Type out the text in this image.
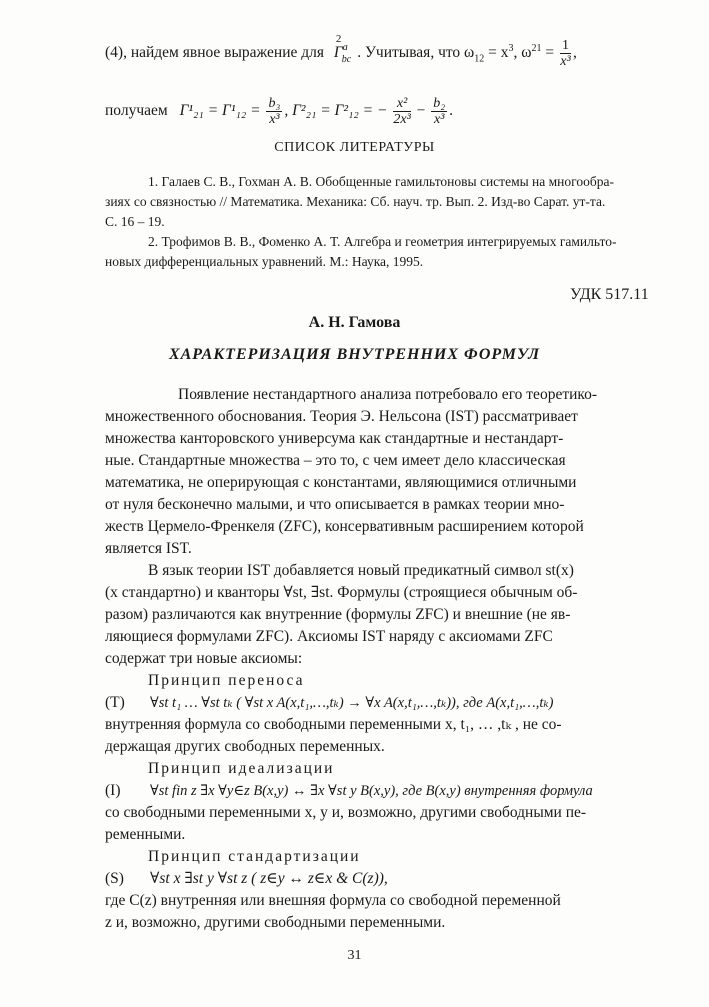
(4), найдем явное выражение для
2
$\Gamma^a_{bc}$ . Учитывая, что $\omega_{12} = x^3$, $\omega^{21} = \frac{1}{\text{x³}}$ ,
получаем $\Gamma^1_{21} = \Gamma^1_{12} = \frac{\text{b₃}}{\text{x³}}$ , Γ²₂₁ = Γ²₁₂ = − $\frac{\text{x²}}{\text{2x³}} - \frac{\text{b₂}}{\text{x³}}$ .
СПИСОК ЛИТЕРАТУРЫ
1. Галаев С. В., Гохман А. В. Обобщенные гамильтоновы системы на многообра-
зиях со связностью // Математика. Механика: Сб. науч. тр. Вып. 2. Изд-во Сарат. ут-та.
С. 16 – 19.
2. Трофимов В. В., Фоменко А. Т. Алгебра и геометрия интегрируемых гамильто-
новых дифференциальных уравнений. М.: Наука, 1995.
УДК 517.11
А. Н. Гамова
ХАРАКТЕРИЗАЦИЯ ВНУТРЕННИХ ФОРМУЛ
Появление нестандартного анализа потребовало его теоретико-
множественного обоснования. Теория Э. Нельсона (IST) рассматривает
множества канторовского универсума как стандартные и нестандарт-
ные. Стандартные множества – это то, с чем имеет дело классическая
математика, не оперирующая с константами, являющимися отличными
от нуля бесконечно малыми, и что описывается в рамках теории мно-
жеств Цермело-Френкеля (ZFC), консервативным расширением которой
является IST.
В язык теории IST добавляется новый предикатный символ st(x)
(x стандартно) и кванторы ∀st, ∃st. Формулы (строящиеся обычным об-
разом) различаются как внутренние (формулы ZFC) и внешние (не яв-
ляющиеся формулами ZFC). Аксиомы IST наряду с аксиомами ZFC
содержат три новые аксиомы:
Принцип переноса
(T) ∀st t₁ … ∀st tₖ ( ∀st x A(x,t₁,…,tₖ) → ∀x A(x,t₁,…,tₖ)), где A(x,t₁,…,tₖ)
внутренняя формула со свободными переменными x, t₁, … ,tₖ , не со-
держащая других свободных переменных.
Принцип идеализации
(I) ∀st fin z ∃x ∀y∈z B(x,y) ↔ ∃x ∀st y B(x,y), где B(x,y) внутренняя формула
со свободными переменными x, y и, возможно, другими свободными пе-
ременными.
Принцип стандартизации
(S) ∀st x ∃st y ∀st z ( z∈y ↔ z∈x & C(z)),
где C(z) внутренняя или внешняя формула со свободной переменной
z и, возможно, другими свободными переменными.
31
